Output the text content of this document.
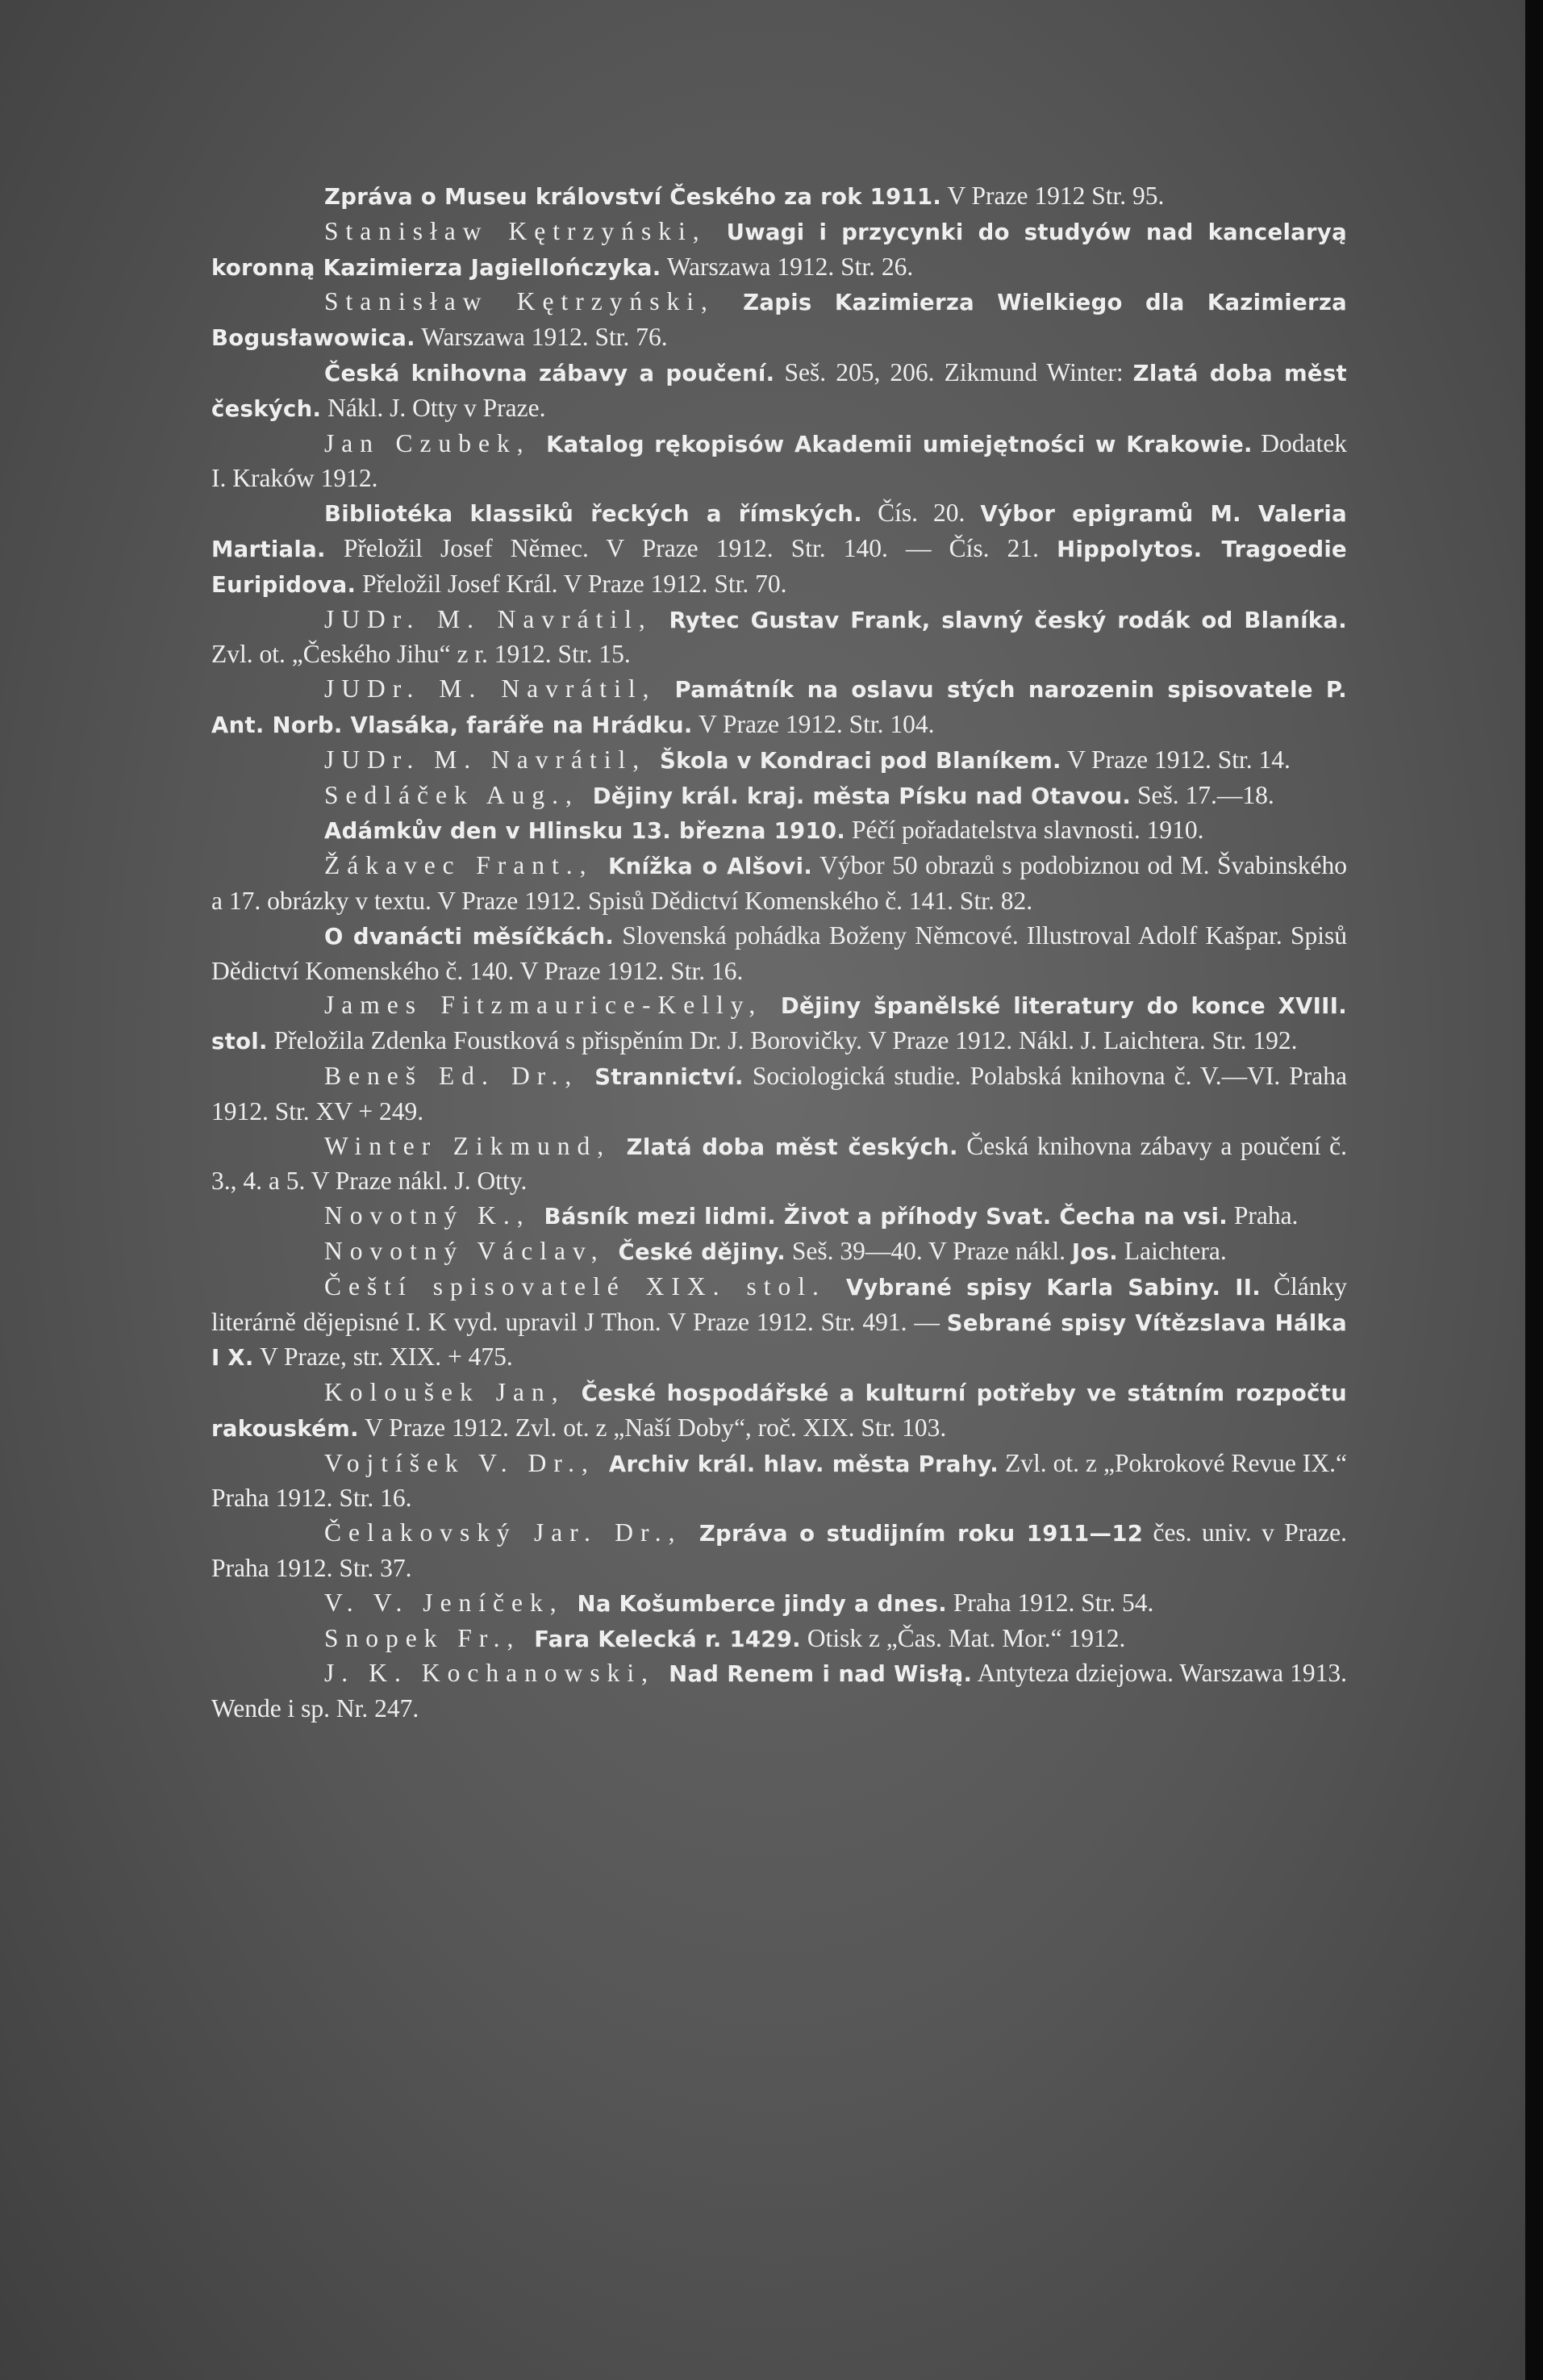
Zpráva o Museu království Českého za rok 1911. V Praze 1912 Str. 95.

Stanisław Kętrzyński, Uwagi i przycynki do studyów nad kancelaryą koronną Kazimierza Jagiellończyka. Warszawa 1912. Str. 26.

Stanisław Kętrzyński, Zapis Kazimierza Wielkiego dla Kazimierza Bogusławowica. Warszawa 1912. Str. 76.

Česká knihovna zábavy a poučení. Seš. 205, 206. Zikmund Winter: Zlatá doba měst českých. Nákl. J. Otty v Praze.

Jan Czubek, Katalog rękopisów Akademii umiejętności w Krakowie. Dodatek I. Kraków 1912.

Bibliotéka klassiků řeckých a římských. Čís. 20. Výbor epigramů M. Valeria Martiala. Přeložil Josef Němec. V Praze 1912. Str. 140. — Čís. 21. Hippolytos. Tragoedie Euripidova. Přeložil Josef Král. V Praze 1912. Str. 70.

JUDr. M. Navrátil, Rytec Gustav Frank, slavný český rodák od Blaníka. Zvl. ot. „Českého Jihu“ z r. 1912. Str. 15.

JUDr. M. Navrátil, Památník na oslavu stých narozenin spisovatele P. Ant. Norb. Vlasáka, faráře na Hrádku. V Praze 1912. Str. 104.

JUDr. M. Navrátil, Škola v Kondraci pod Blaníkem. V Praze 1912. Str. 14.

Sedláček Aug., Dějiny král. kraj. města Písku nad Otavou. Seš. 17.—18.

Adámkův den v Hlinsku 13. března 1910. Péčí pořadatelstva slavnosti. 1910.

Žákavec Frant., Knížka o Alšovi. Výbor 50 obrazů s podobiznou od M. Švabinského a 17. obrázky v textu. V Praze 1912. Spisů Dědictví Komenského č. 141. Str. 82.

O dvanácti měsíčkách. Slovenská pohádka Boženy Němcové. Illustroval Adolf Kašpar. Spisů Dědictví Komenského č. 140. V Praze 1912. Str. 16.

James Fitzmaurice-Kelly, Dějiny španělské literatury do konce XVIII. stol. Přeložila Zdenka Foustková s přispěním Dr. J. Borovičky. V Praze 1912. Nákl. J. Laichtera. Str. 192.

Beneš Ed. Dr., Strannictví. Sociologická studie. Polabská knihovna č. V.—VI. Praha 1912. Str. XV + 249.

Winter Zikmund, Zlatá doba měst českých. Česká knihovna zábavy a poučení č. 3., 4. a 5. V Praze nákl. J. Otty.

Novotný K., Básník mezi lidmi. Život a příhody Svat. Čecha na vsi. Praha.

Novotný Václav, České dějiny. Seš. 39—40. V Praze nákl. Jos. Laichtera.

Čeští spisovatelé XIX. stol. Vybrané spisy Karla Sabiny. II. Články literárně dějepisné I. K vyd. upravil J Thon. V Praze 1912. Str. 491. — Sebrané spisy Vítězslava Hálka I X. V Praze, str. XIX. + 475.

Koloušek Jan, České hospodářské a kulturní potřeby ve státním rozpočtu rakouském. V Praze 1912. Zvl. ot. z „Naší Doby“, roč. XIX. Str. 103.

Vojtíšek V. Dr., Archiv král. hlav. města Prahy. Zvl. ot. z „Pokrokové Revue IX.“ Praha 1912. Str. 16.

Čelakovský Jar. Dr., Zpráva o studijním roku 1911—12 čes. univ. v Praze. Praha 1912. Str. 37.

V. V. Jeníček, Na Košumberce jindy a dnes. Praha 1912. Str. 54.

Snopek Fr., Fara Kelecká r. 1429. Otisk z „Čas. Mat. Mor.“ 1912.

J. K. Kochanowski, Nad Renem i nad Wisłą. Antyteza dziejowa. Warszawa 1913. Wende i sp. Nr. 247.
